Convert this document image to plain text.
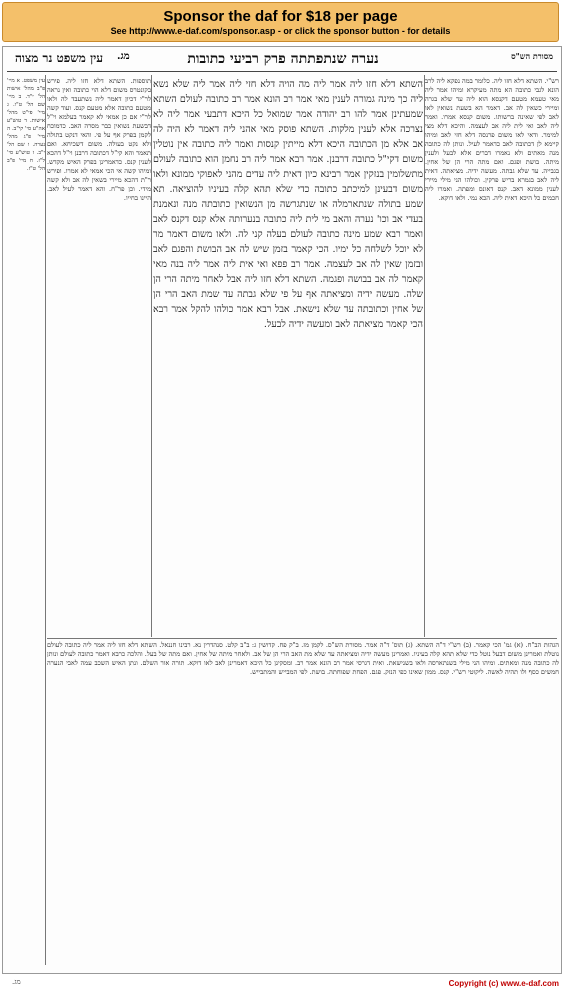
Sponsor the daf for $18 per page
See http://www.e-daf.com/sponsor.asp - or click the sponsor button - for details
עין משפט נר מצוה	נערה שנתפתתה פרק רביעי כתובות	מסורת הש"ס
מג.

עין משפט. א מיי' פ"ב מהל' אישות הל' י"ד. ב מיי' שם הל' ט"ו. ג מיי' פי"ט מהל' אישות. ד טוש"ע אה"ע סי' קי"ב. ה מיי' פ"ג מהל' נערה. ו שם הל' י"ב. ז טוש"ע סי' ל"ז. ח מיי' פ"ב הל' ט"ז.

תוספות. השתא דלא חזו ליה. פירש בקונטרס משום דלא הוי כתובה ואין נראה לר"י דכיון דאמר ליה נשתעבד לה ולאו מטעם כתובה אלא מטעם קנס. ועוד קשה לר"י אם כן אמאי לא קאמר בעלמא וי"ל דבשעת נשואין כבר מסרה האב. כדמוכח לקמן בפרק אף על פי. והאי דנקט בתולה ולא נקט בעולה. משום דשכיחא. ואם תאמר והא קי"ל דכתובה דרבנן וי"ל דהכא לענין קנס. כדאמרינן בפרק האיש מקדש. ומיהו קשה אי הכי אמאי לא אמרו. ופירש ר"ת דהכא מיירי בשאין לה אב ולא קשה מידי. וכן פר"ח. והא דאמר לעיל לאב. היינו בחייו.

השתא דלא חזו ליה אמר ליה מה הויה דלא חזי ליה אמר ליה שלא נשא ליה כך מינה גמורה לענין מאי אמר רב הונא אמר רב כתובה לעולם השתא שמעתינן אמר להו רב יהודה אמר שמואל כל היכא דתבעי אמר ליה לא נצרכה אלא לענין מלקות. השתא פוסק מאי אהני ליה דאמר לא היה לה אב אלא מן הכתובה היכא דלא מייתין קנסות ואמר ליה כתובה אין נוטלין משום דקי"ל כתובה דרבנן. אמר רבא אמר ליה רב נחמן הוא כתובה לעולם מתשלומין בנזקין אמר רבינא כיון דאית ליה עדים מהני לאפוקי ממונא ולאו משום דבעינן למיכתב כתובה כדי שלא תהא קלה בעיניו להוציאה. תא שמע בתולה שנתארמלה או שנתגרשה מן הנשואין כתובתה מנה ונאמנת בעדי אב וכו' נערה והאב מי לית ליה כתובה בנערותה אלא קנס דקנס לאב ואמר רבא שמע מינה כתובה לעולם בעלה קני לה. ולאו משום דאמר מר לא יוכל לשלחה כל ימיו. הכי קאמר בזמן שיש לה אב הבושת והפגם לאב ובזמן שאין לה אב לעצמה. אמר רב פפא ואי אית ליה אמר ליה בנה מאי קאמר לה אב בבושה ופגמה. השתא דלא חזו ליה אבל לאחר מיתה הרי הן שלה. מעשה ידיה ומציאתה אף על פי שלא גבתה עד שמת האב הרי הן של אחין וכתובתה עד שלא נישאת. אבל רבא אמר כולהו להקל אמר רבא הכי קאמר מציאתה לאב ומעשה ידיה לבעל.

רש"י. השתא דלא חזו ליה. כלומר במה נפקא ליה לרב הונא לגבי כתובה הא מתה מעיקרא ומיהו אמר ליה מאי טעמא מטעם דקנסא הוא ליה עד שלא בגרה ומיירי כשאין לה אב. דאמר הא בשעת נשואין לאו לאב לפי שאינה ברשותו. משום קנסא אמרו. ואמר ליה לאב ואי לית ליה אב לעצמה. והיכא דלא מצי למימר. ודאי לאו משום פרנסה דלא חזי לאב ומיהו קיימא לן דכתובה לאב כדאמר לעיל. ונותן לה כתובה מנה מאתים ולא נאמרו דברים אלא לבעל ולענין מיתה. בושת ופגם. ואם מתה הרי הן של אחין. בגבייה. עד שלא גבתה. מעשה ידיה. מציאתה. דאית ליה לאב בגמרא בריש פרקין. וכולהו הני מילי מיירי לענין ממונא דאב. קנס דאונס ומפתה. ואמרו ליה חכמים כל היכא דאית ליה. הכא נמי. ולאו דוקא.

הגהות הב"ח. (א) גמ' הכי קאמר. (ב) רש"י ד"ה השתא. (ג) תוס' ד"ה אמר. מסורת הש"ס. לקמן מז. ב"ק פח. קדושין ג: ב"ב קלט. סנהדרין נא. רבינו חננאל. השתא דלא חזו ליה אמר ליה כתובה לעולם נוטלת ואמרינן משום דבעל נוטל כדי שלא תהא קלה בעיניו. ואמרינן מעשה ידיה ומציאתה עד שלא מת האב הרי הן של אב. ולאחר מיתה של אחין. ואם מתה של בעל. והלכה כרבא דאמר כתובה לעולם ונותן לה כתובה מנה ומאתים. ומיהו הני מילי בשנתארסה ולאו בשנישאת. ואית דגרסי אמר רב הונא אמר רב. ומסקינן כל היכא דאמרינן לאב לאו דוקא. תורה אור השלם. ונתן האיש השכב עמה לאבי הנערה חמשים כסף ולו תהיה לאשה. ליקוטי רש"י. קנס. ממון שאינו כפי הנזק. פגם. הפחת שפוחתה. בושת. לפי המבייש והמתבייש.

מג.	Copyright (c) www.e-daf.com
